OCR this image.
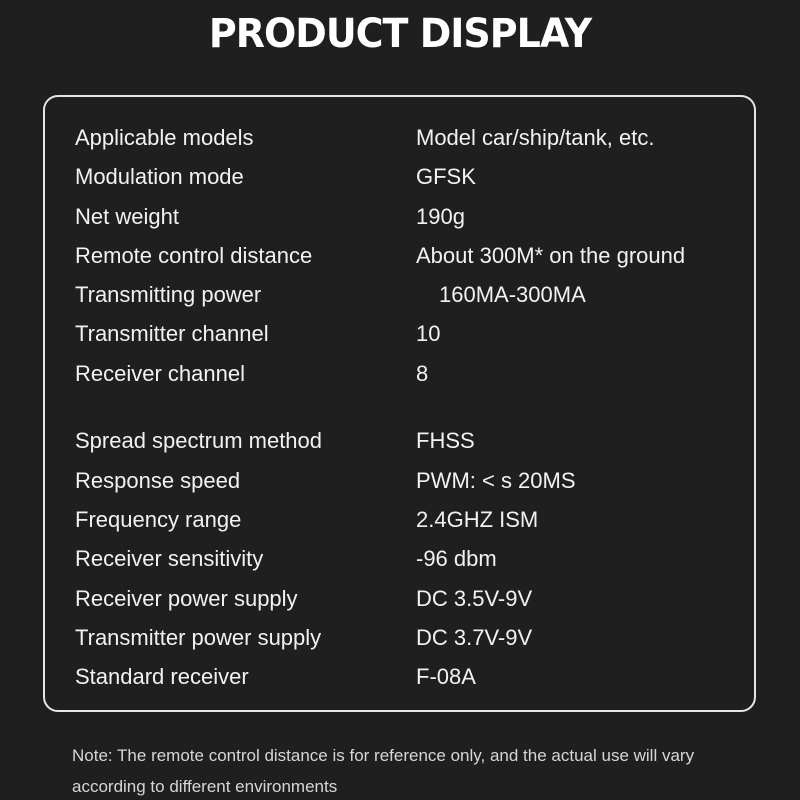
PRODUCT DISPLAY
Applicable models	Model car/ship/tank, etc.
Modulation mode	GFSK
Net weight	190g
Remote control distance	About 300M* on the ground
Transmitting power	160MA-300MA
Transmitter channel	10
Receiver channel	8
Spread spectrum method	FHSS
Response speed	PWM: < s 20MS
Frequency range	2.4GHZ ISM
Receiver sensitivity	-96 dbm
Receiver power supply	DC 3.5V-9V
Transmitter power supply	DC 3.7V-9V
Standard receiver	F-08A
Note: The remote control distance is for reference only, and the actual use will vary according to different environments
